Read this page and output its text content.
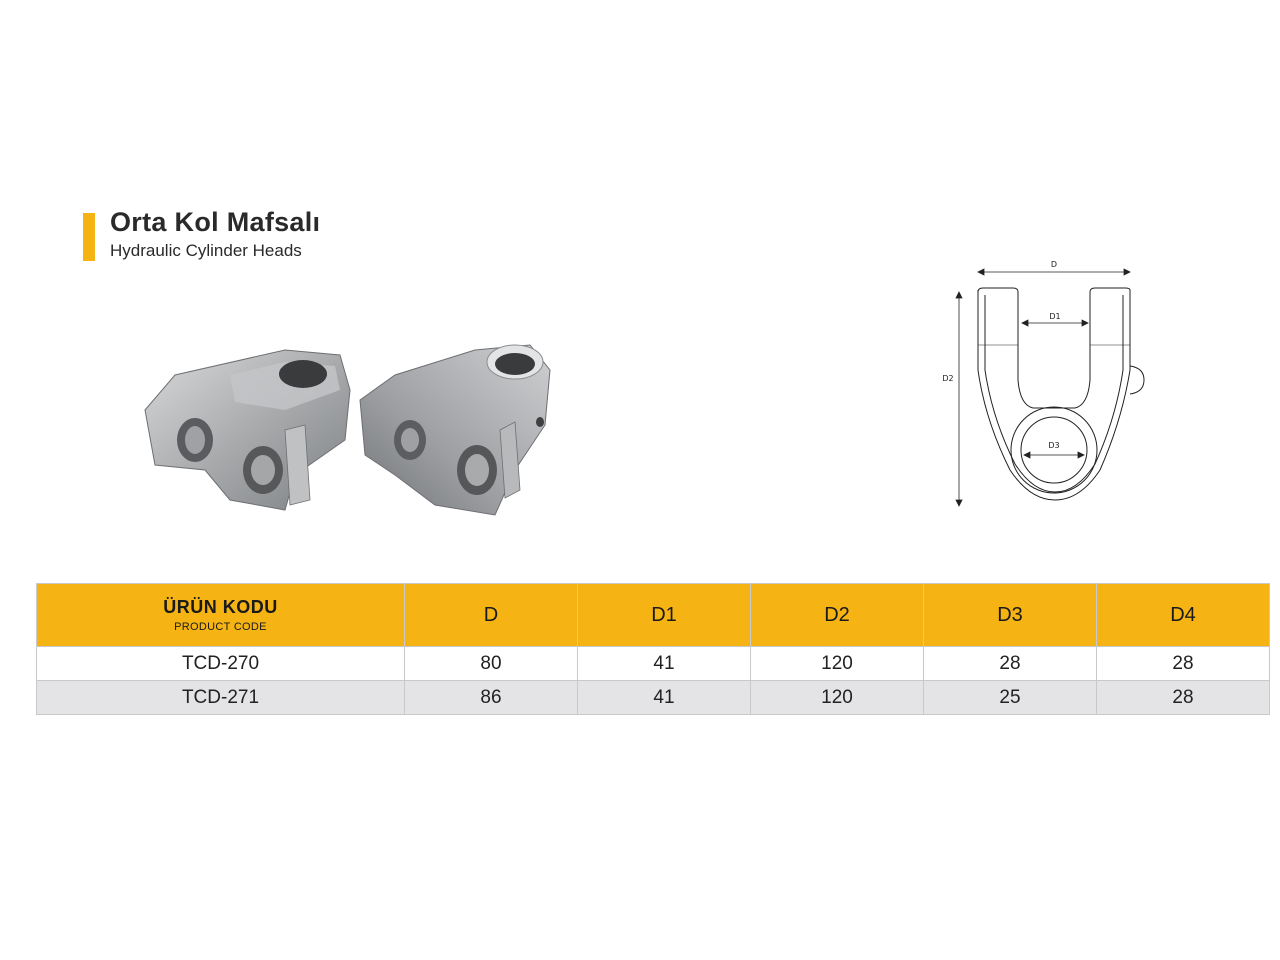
Orta Kol Mafsalı
Hydraulic Cylinder Heads
D
D1
D2
D3
ÜRÜN KODU
PRODUCT CODE	D	D1	D2	D3	D4
TCD-270	80	41	120	28	28
TCD-271	86	41	120	25	28
